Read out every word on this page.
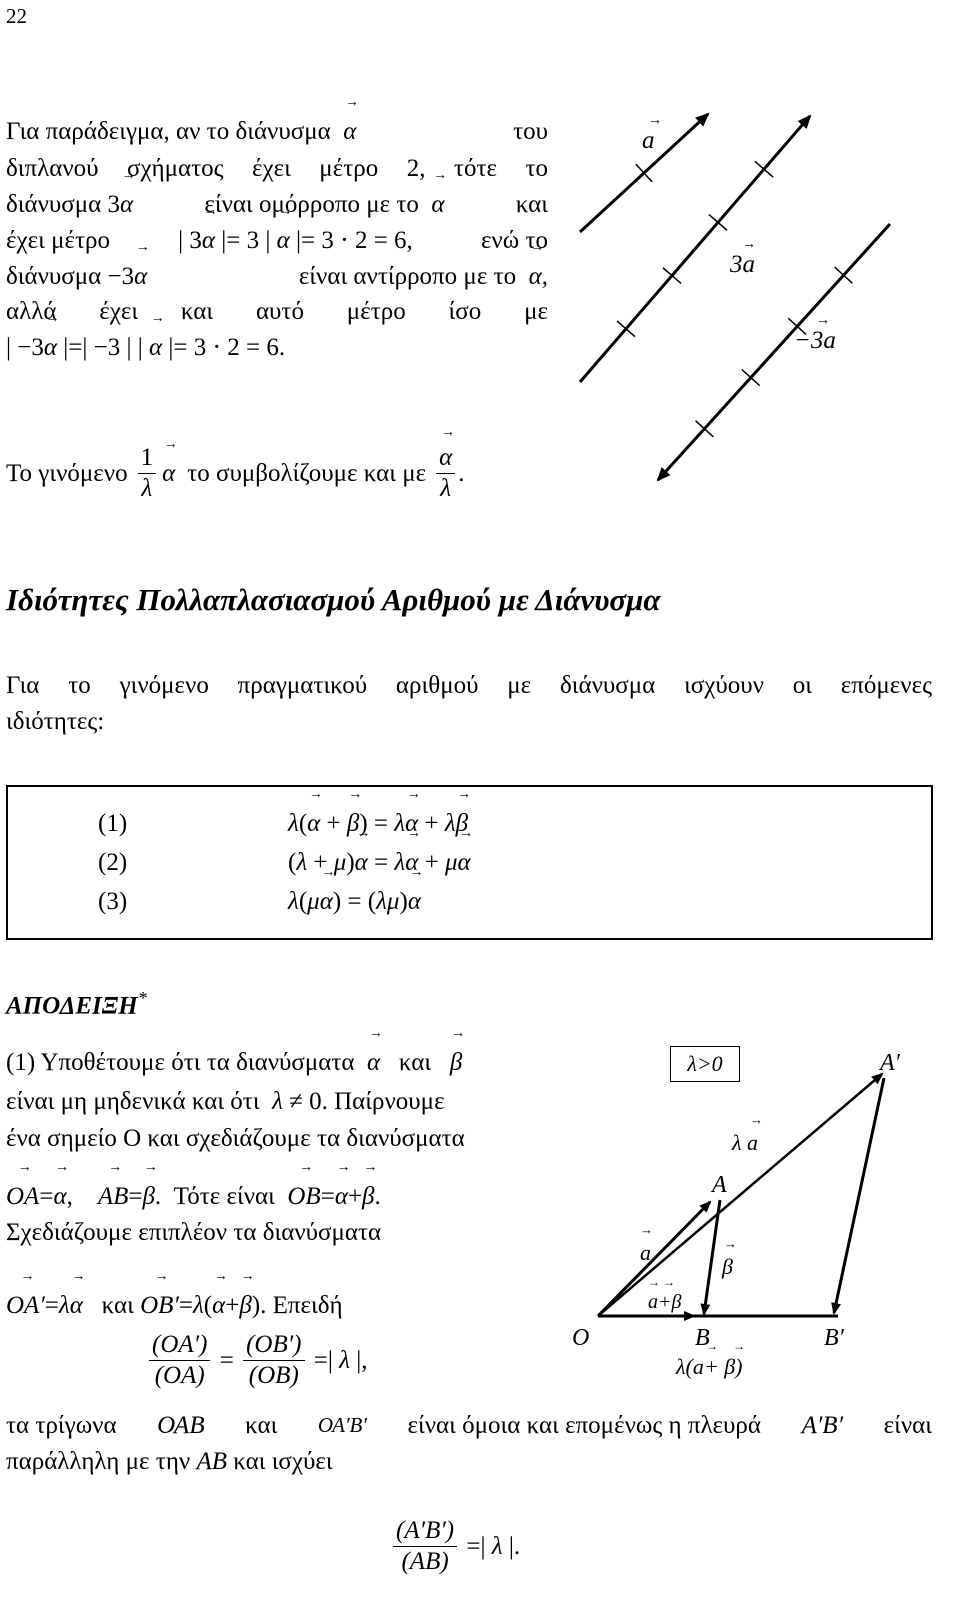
22
Για παράδειγμα, αν το διάνυσμα  → α	του
διπλανού σχήματος έχει μέτρο 2, τότε το
διάνυσμα 3→ α	είναι ομόρροπο με το  → α	και
έχει μέτρο	| 3→ α |= 3 | → α |= 3 ⋅ 2 = 6,	ενώ το
διάνυσμα −3→ α	είναι αντίρροπο με το  → α,
αλλά έχει και αυτό μέτρο ίσο με
| −3→ α |=| −3 | | → α |= 3 ⋅ 2 = 6.
a
3a
−3a
→
→
→
Το γινόμενο $\frac{1}{\lambda}$
→ α το συμβολίζουμε και με
→ $\frac{\alpha}{\lambda}$ .
Ιδιότητες Πολλαπλασιασμού Αριθμού με Διάνυσμα
Για το γινόμενο πραγματικού αριθμού με διάνυσμα ισχύουν οι επόμενες
ιδιότητες:
(1)
(2)
(3)
λ(→ α + → β) = λ→ α + λ→ β
(λ + μ)→ α = λ→ α + μ→ α
λ(μ→ α) = (λμ)→ α
ΑΠΟΔΕΙΞΗ*
(1) Υποθέτουμε ότι τα διανύσματα  → α και   → β
είναι μη μηδενικά και ότι λ ≠ 0. Παίρνουμε
ένα σημείο Ο και σχεδιάζουμε τα διανύσματα
→ OA=→ α,    → AB=→ β.  Τότε είναι  → OB=→ α+→ β.
Σχεδιάζουμε επιπλέον τα διανύσματα
→ OA′=λ→ α και → OB′=λ(→ α+→ β). Επειδή
$\frac{(OA')}{(OA)} = \frac{(OB')}{(OB)}$ =| λ |,
τα τρίγωνα ΟΑΒ και ΟΑ′Β′ είναι όμοια και επομένως η πλευρά Α′Β′ είναι
παράλληλη με την ΑΒ και ισχύει
$\frac{(A'B')}{(AB)}$ =| λ |.
λ>0
O
A
B
A′
B′
λ a
→
a
→
β
→
a+β
→ →
λ(a+ β)
→     →
